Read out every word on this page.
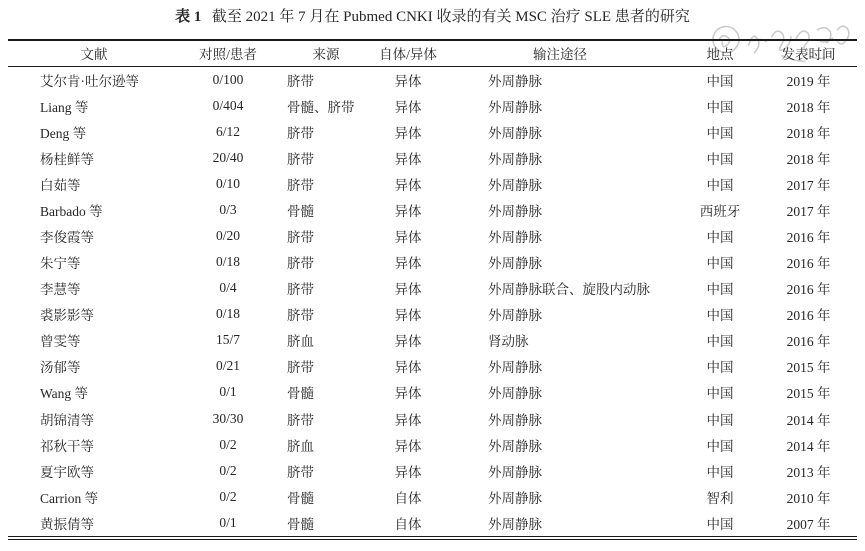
表 1 截至 2021 年 7 月在 Pubmed CNKI 收录的有关 MSC 治疗 SLE 患者的研究
文献	对照/患者	来源	自体/异体	输注途径	地点	发表时间
艾尔肯·吐尔逊等	0/100	脐带	异体	外周静脉	中国	2019 年
Liang 等	0/404	骨髓、脐带	异体	外周静脉	中国	2018 年
Deng 等	6/12	脐带	异体	外周静脉	中国	2018 年
杨桂鲜等	20/40	脐带	异体	外周静脉	中国	2018 年
白茹等	0/10	脐带	异体	外周静脉	中国	2017 年
Barbado 等	0/3	骨髓	异体	外周静脉	西班牙	2017 年
李俊霞等	0/20	脐带	异体	外周静脉	中国	2016 年
朱宁等	0/18	脐带	异体	外周静脉	中国	2016 年
李慧等	0/4	脐带	异体	外周静脉联合、旋股内动脉	中国	2016 年
裘影影等	0/18	脐带	异体	外周静脉	中国	2016 年
曾雯等	15/7	脐血	异体	肾动脉	中国	2016 年
汤郁等	0/21	脐带	异体	外周静脉	中国	2015 年
Wang 等	0/1	骨髓	异体	外周静脉	中国	2015 年
胡锦清等	30/30	脐带	异体	外周静脉	中国	2014 年
祁秋干等	0/2	脐血	异体	外周静脉	中国	2014 年
夏宇欧等	0/2	脐带	异体	外周静脉	中国	2013 年
Carrion 等	0/2	骨髓	自体	外周静脉	智利	2010 年
黄振倩等	0/1	骨髓	自体	外周静脉	中国	2007 年
